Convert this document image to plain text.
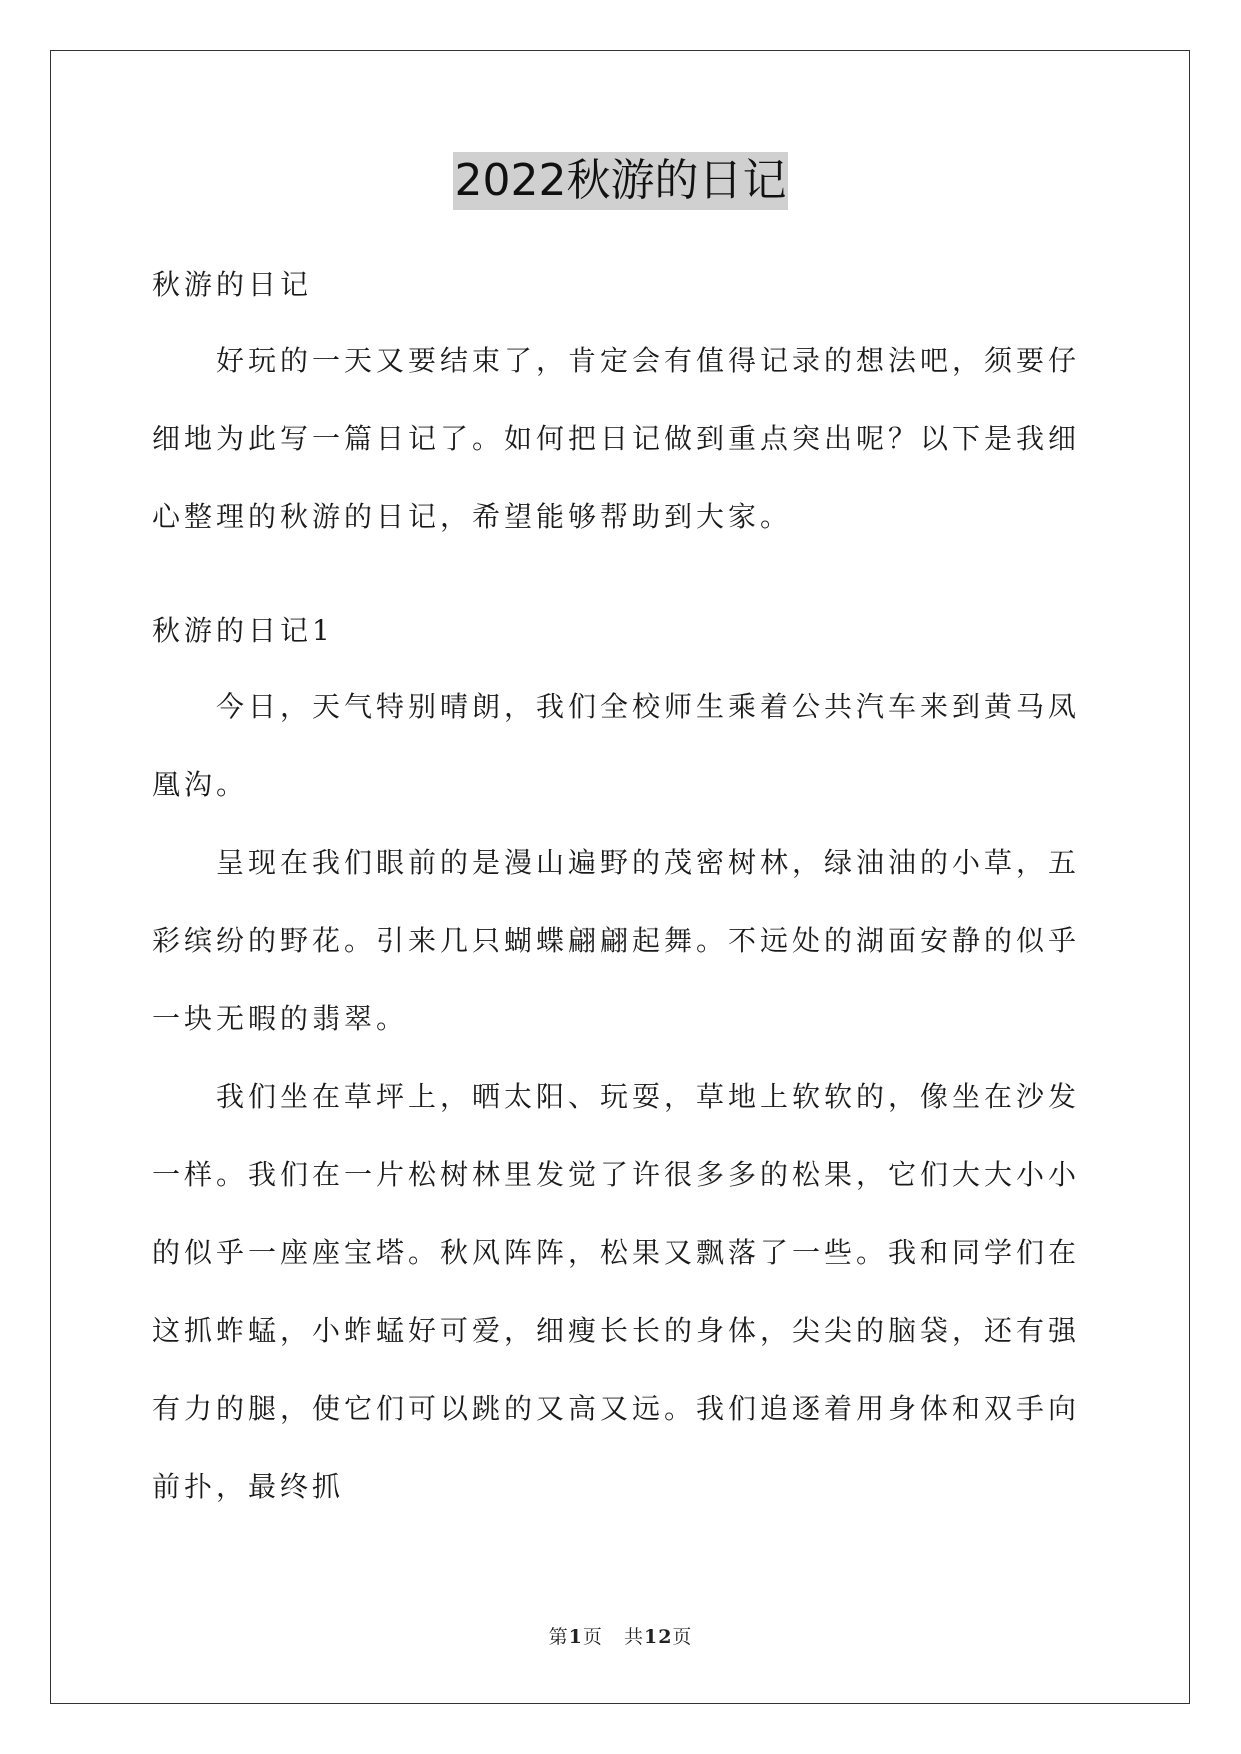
2022秋游的日记

秋游的日记

好玩的一天又要结束了，肯定会有值得记录的想法吧，须要仔细地为此写一篇日记了。如何把日记做到重点突出呢？以下是我细心整理的秋游的日记，希望能够帮助到大家。

秋游的日记1

今日，天气特别晴朗，我们全校师生乘着公共汽车来到黄马凤凰沟。

呈现在我们眼前的是漫山遍野的茂密树林，绿油油的小草，五彩缤纷的野花。引来几只蝴蝶翩翩起舞。不远处的湖面安静的似乎一块无暇的翡翠。

我们坐在草坪上，晒太阳、玩耍，草地上软软的，像坐在沙发一样。我们在一片松树林里发觉了许很多多的松果，它们大大小小的似乎一座座宝塔。秋风阵阵，松果又飘落了一些。我和同学们在这抓蚱蜢，小蚱蜢好可爱，细瘦长长的身体，尖尖的脑袋，还有强有力的腿，使它们可以跳的又高又远。我们追逐着用身体和双手向前扑，最终抓

第1页 共12页
